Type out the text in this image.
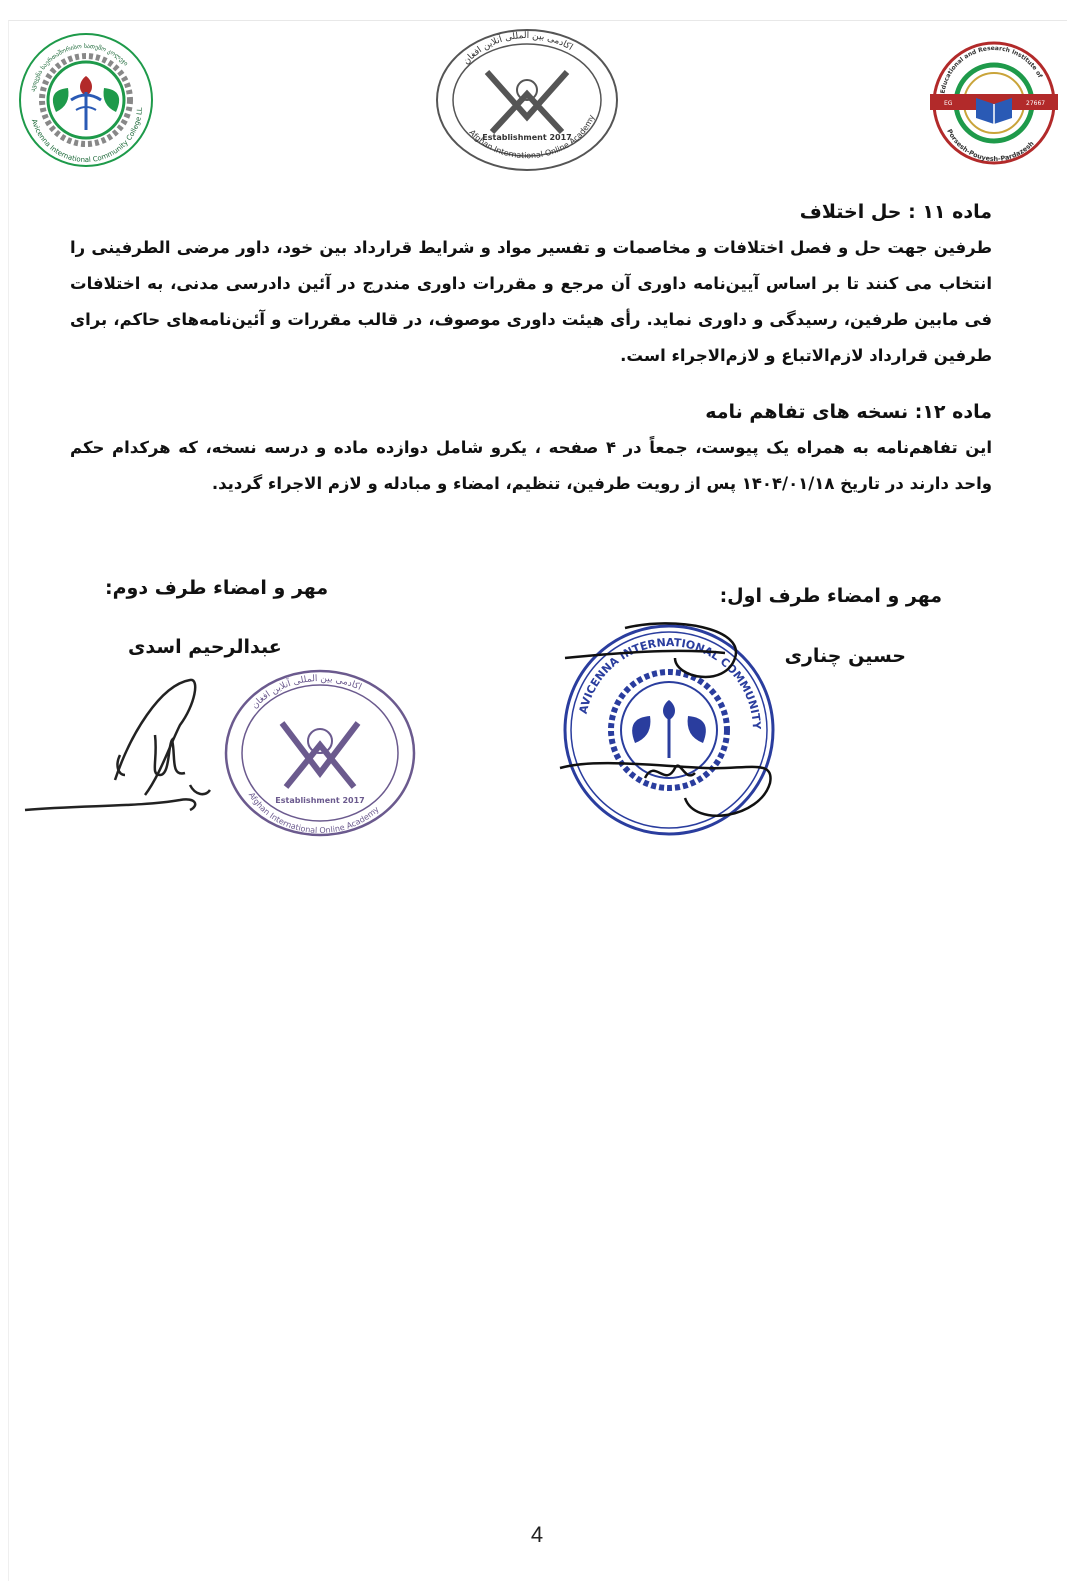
Avicenna International Community College LL
ავიცენა საერთაშორისო სათემო კოლეჯი
Establishment 2017
اکادمی بین المللی آنلاین افغان
Afghan International Online Academy
EG	27667
Educational and Research Institute of
Porsesh-Pouyesh-Pardazesh
ماده ۱۱ : حل اختلاف

طرفین جهت حل و فصل اختلافات و مخاصمات و تفسیر مواد و شرایط قرارداد بین خود، داور مرضی الطرفینی را انتخاب می کنند تا بر اساس آیین‌نامه داوری آن مرجع و مقررات داوری مندرج در آئین دادرسی مدنی، به اختلافات فی مابین طرفین، رسیدگی و داوری نماید. رأی هیئت داوری موصوف، در قالب مقررات و آئین‌نامه‌های حاکم، برای طرفین قرارداد لازم‌الاتباع و لازم‌الاجراء است.

ماده ۱۲: نسخه های تفاهم نامه

این تفاهم‌نامه به همراه یک پیوست، جمعاً در ۴ صفحه ، یکرو شامل دوازده ماده و درسه نسخه، که هرکدام حکم واحد دارند در تاریخ ۱۴۰۴/۰۱/۱۸ پس از رویت طرفین، تنظیم، امضاء و مبادله و لازم الاجراء گردید.

مهر و امضاء طرف اول:
حسین چناری
مهر و امضاء طرف دوم:
عبدالرحیم اسدی
AVICENNA INTERNATIONAL COMMUNITY
Establishment 2017
اکادمی بین المللی آنلاین افغان
Afghan International Online Academy
4
